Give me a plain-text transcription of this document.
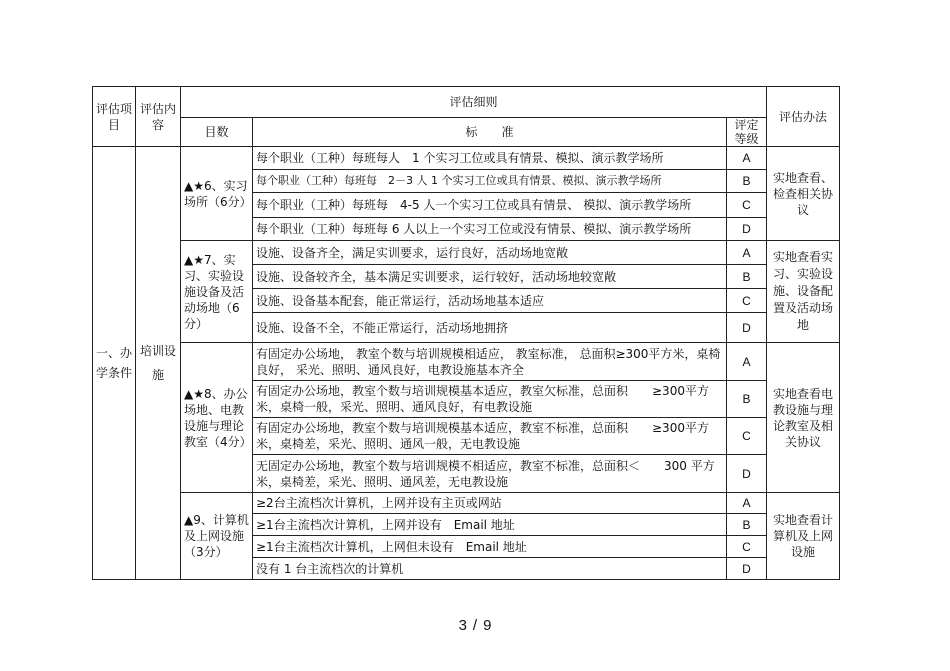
评估项目	评估内容	评估细则			评估办法
		目数	标　　准	评定等级	
一、办学条件	培训设施	▲★6、实习场所（6分）	每个职业（工种）每班每人　1 个实习工位或具有情景、模拟、演示教学场所	A	实地查看、检查相关协议
			每个职业（工种）每班每　2－3 人 1 个实习工位或具有情景、模拟、演示教学场所	B	
			每个职业（工种）每班每　4-5 人一个实习工位或具有情景、 模拟、演示教学场所	C	
			每个职业（工种）每班每 6 人以上一个实习工位或没有情景、模拟、演示教学场所	D	
		▲★7、实习、实验设施设备及活动场地（6分）	设施、设备齐全，满足实训要求，运行良好，活动场地宽敞	A	实地查看实习、实验设施、设备配置及活动场地
			设施、设备较齐全，基本满足实训要求，运行较好，活动场地较宽敞	B	
			设施、设备基本配套，能正常运行，活动场地基本适应	C	
			设施、设备不全，不能正常运行，活动场地拥挤	D	
		▲★8、办公场地、电教设施与理论教室（4分）	有固定办公场地， 教室个数与培训规模相适应， 教室标准， 总面积≥300平方米，桌椅良好， 采光、照明、通风良好，电教设施基本齐全	A	实地查看电教设施与理论教室及相关协议
			有固定办公场地，教室个数与培训规模基本适应，教室欠标准，总面积　　≥300平方米，桌椅一般，采光、照明、通风良好，有电教设施	B	
			有固定办公场地，教室个数与培训规模基本适应，教室不标准，总面积　　≥300平方米，桌椅差，采光、照明、通风一般，无电教设施	C	
			无固定办公场地，教室个数与培训规模不相适应，教室不标准，总面积＜　　300 平方米，桌椅差，采光、照明、通风差，无电教设施	D	
		▲9、计算机及上网设施（3分）	≥2台主流档次计算机，上网并设有主页或网站	A	实地查看计算机及上网设施
			≥1台主流档次计算机，上网并设有　Email 地址	B	
			≥1台主流档次计算机，上网但未设有　Email 地址	C	
			没有 1 台主流档次的计算机	D	
3 / 9
